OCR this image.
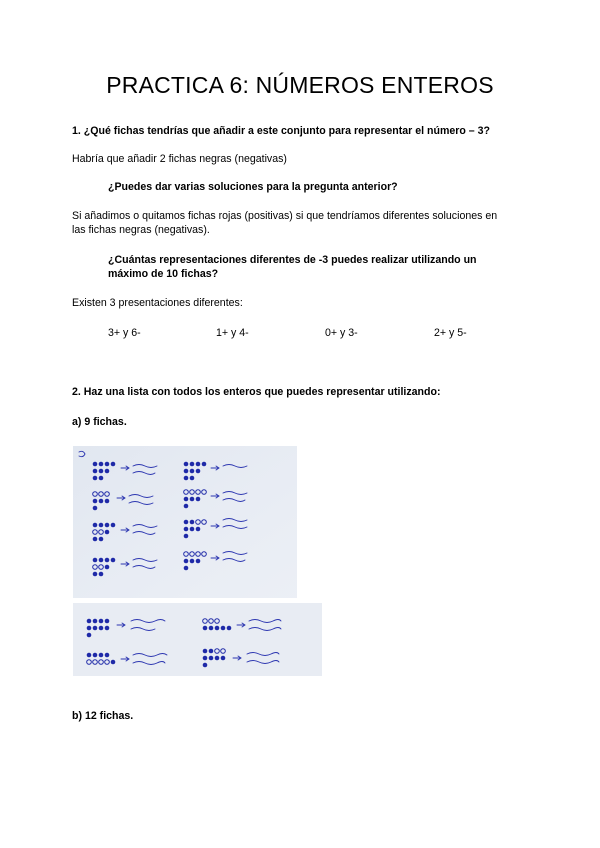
PRACTICA 6: NÚMEROS ENTEROS
1. ¿Qué fichas tendrías que añadir a este conjunto para representar el número – 3?
Habría que añadir 2 fichas negras (negativas)
¿Puedes dar varias soluciones para la pregunta anterior?
Si añadimos o quitamos fichas rojas (positivas) si que tendríamos diferentes soluciones en
las fichas negras (negativas).
¿Cuántas representaciones diferentes de -3 puedes realizar utilizando un
máximo de 10 fichas?
Existen 3 presentaciones diferentes:
3+ y 6-	1+ y 4-	0+ y 3-	2+ y 5-
2. Haz una lista con todos los enteros que puedes representar utilizando:
a) 9 fichas.
b) 12 fichas.
